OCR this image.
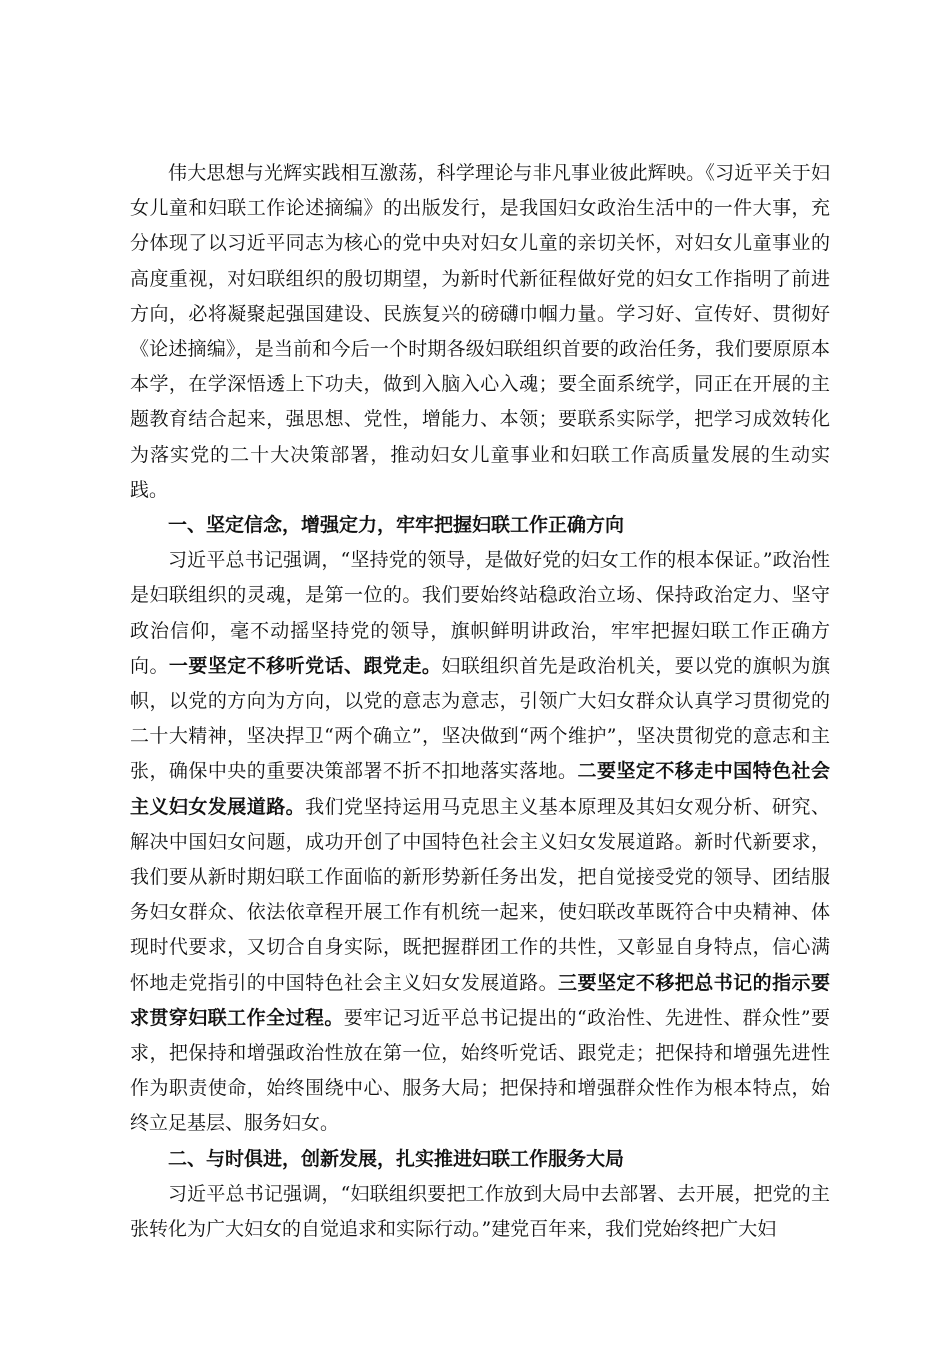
伟大思想与光辉实践相互激荡，科学理论与非凡事业彼此辉映。《习近平关于妇女儿童和妇联工作论述摘编》的出版发行，是我国妇女政治生活中的一件大事，充分体现了以习近平同志为核心的党中央对妇女儿童的亲切关怀，对妇女儿童事业的高度重视，对妇联组织的殷切期望，为新时代新征程做好党的妇女工作指明了前进方向，必将凝聚起强国建设、民族复兴的磅礴巾帼力量。学习好、宣传好、贯彻好《论述摘编》，是当前和今后一个时期各级妇联组织首要的政治任务，我们要原原本本学，在学深悟透上下功夫，做到入脑入心入魂；要全面系统学，同正在开展的主题教育结合起来，强思想、党性，增能力、本领；要联系实际学，把学习成效转化为落实党的二十大决策部署，推动妇女儿童事业和妇联工作高质量发展的生动实践。

一、坚定信念，增强定力，牢牢把握妇联工作正确方向

习近平总书记强调，“坚持党的领导，是做好党的妇女工作的根本保证。”政治性是妇联组织的灵魂，是第一位的。我们要始终站稳政治立场、保持政治定力、坚守政治信仰，毫不动摇坚持党的领导，旗帜鲜明讲政治，牢牢把握妇联工作正确方向。一要坚定不移听党话、跟党走。妇联组织首先是政治机关，要以党的旗帜为旗帜，以党的方向为方向，以党的意志为意志，引领广大妇女群众认真学习贯彻党的二十大精神，坚决捍卫“两个确立”，坚决做到“两个维护”，坚决贯彻党的意志和主张，确保中央的重要决策部署不折不扣地落实落地。二要坚定不移走中国特色社会主义妇女发展道路。我们党坚持运用马克思主义基本原理及其妇女观分析、研究、解决中国妇女问题，成功开创了中国特色社会主义妇女发展道路。新时代新要求，我们要从新时期妇联工作面临的新形势新任务出发，把自觉接受党的领导、团结服务妇女群众、依法依章程开展工作有机统一起来，使妇联改革既符合中央精神、体现时代要求，又切合自身实际，既把握群团工作的共性，又彰显自身特点，信心满怀地走党指引的中国特色社会主义妇女发展道路。三要坚定不移把总书记的指示要求贯穿妇联工作全过程。要牢记习近平总书记提出的“政治性、先进性、群众性”要求，把保持和增强政治性放在第一位，始终听党话、跟党走；把保持和增强先进性作为职责使命，始终围绕中心、服务大局；把保持和增强群众性作为根本特点，始终立足基层、服务妇女。

二、与时俱进，创新发展，扎实推进妇联工作服务大局

习近平总书记强调，“妇联组织要把工作放到大局中去部署、去开展，把党的主张转化为广大妇女的自觉追求和实际行动。”建党百年来，我们党始终把广大妇
